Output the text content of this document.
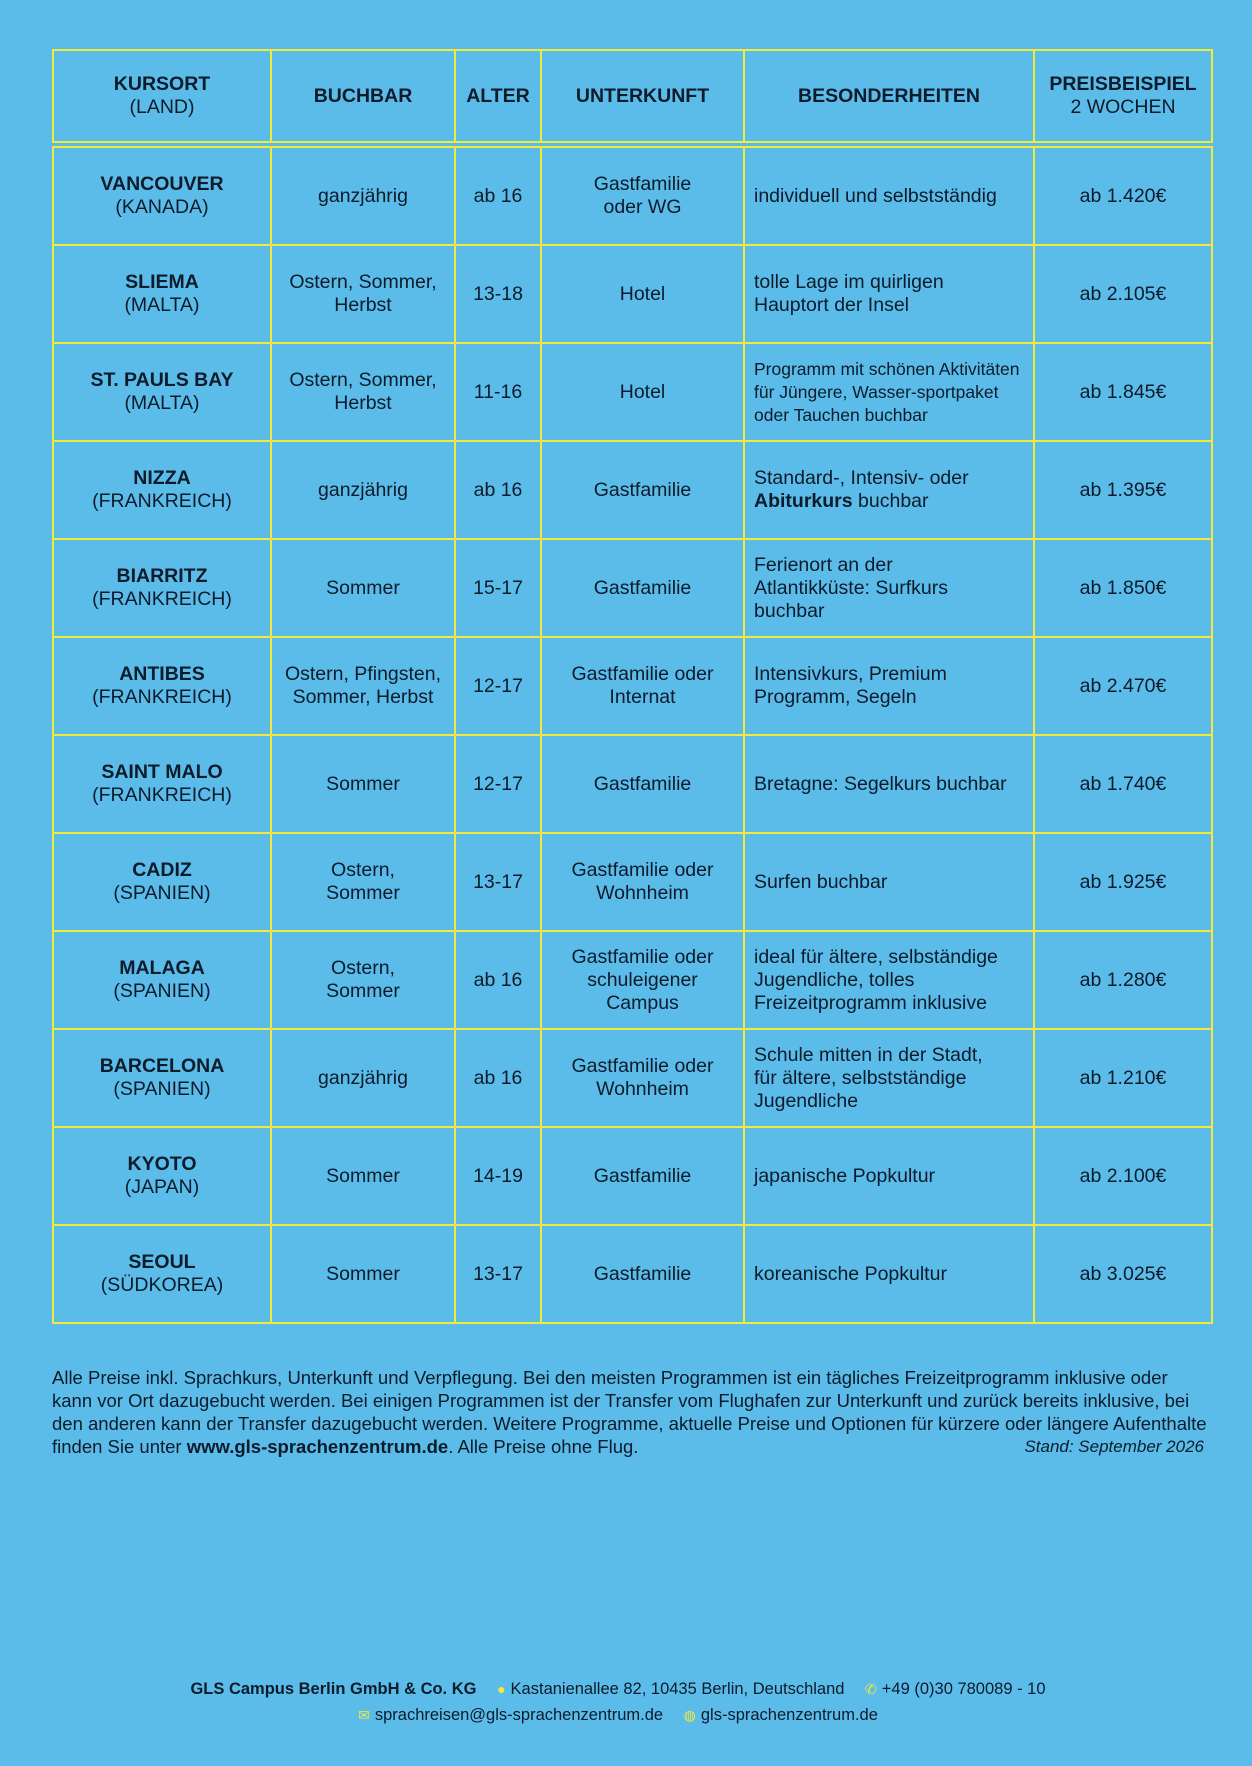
KURSORT
(LAND)	BUCHBAR	ALTER	UNTERKUNFT	BESONDERHEITEN	PREISBEISPIEL
2 WOCHEN

VANCOUVER
(KANADA)	ganzjährig	ab 16	Gastfamilie oder WG	individuell und selbstständig	ab 1.420€

SLIEMA
(MALTA)	Ostern, Sommer, Herbst	13-18	Hotel	tolle Lage im quirligen Hauptort der Insel	ab 2.105€

ST. PAULS BAY
(MALTA)	Ostern, Sommer, Herbst	11-16	Hotel	Programm mit schönen Aktivitäten für Jüngere, Wasser-sportpaket oder Tauchen buchbar	ab 1.845€

NIZZA
(FRANKREICH)	ganzjährig	ab 16	Gastfamilie	Standard-, Intensiv- oder
Abiturkurs buchbar	ab 1.395€

BIARRITZ
(FRANKREICH)	Sommer	15-17	Gastfamilie	Ferienort an der Atlantikküste: Surfkurs buchbar	ab 1.850€

ANTIBES
(FRANKREICH)	Ostern, Pfingsten, Sommer, Herbst	12-17	Gastfamilie oder Internat	Intensivkurs, Premium Programm, Segeln	ab 2.470€

SAINT MALO
(FRANKREICH)	Sommer	12-17	Gastfamilie	Bretagne: Segelkurs buchbar	ab 1.740€

CADIZ
(SPANIEN)	Ostern, Sommer	13-17	Gastfamilie oder Wohnheim	Surfen buchbar	ab 1.925€

MALAGA
(SPANIEN)	Ostern, Sommer	ab 16	Gastfamilie oder schuleigener Campus	ideal für ältere, selbständige Jugendliche, tolles Freizeitprogramm inklusive	ab 1.280€

BARCELONA
(SPANIEN)	ganzjährig	ab 16	Gastfamilie oder Wohnheim	Schule mitten in der Stadt, für ältere, selbstständige Jugendliche	ab 1.210€

KYOTO
(JAPAN)	Sommer	14-19	Gastfamilie	japanische Popkultur	ab 2.100€

SEOUL
(SÜDKOREA)	Sommer	13-17	Gastfamilie	koreanische Popkultur	ab 3.025€
Alle Preise inkl. Sprachkurs, Unterkunft und Verpflegung. Bei den meisten Programmen ist ein tägliches Freizeitprogramm inklusive oder kann vor Ort dazugebucht werden. Bei einigen Programmen ist der Transfer vom Flughafen zur Unterkunft und zurück bereits inklusive, bei den anderen kann der Transfer dazugebucht werden. Weitere Programme, aktuelle Preise und Optionen für kürzere oder längere Aufenthalte finden Sie unter www.gls-sprachenzentrum.de. Alle Preise ohne Flug.	Stand: September 2026
GLS Campus Berlin GmbH & Co. KG ● Kastanienallee 82, 10435 Berlin, Deutschland ✆ +49 (0)30 780089 - 10
✉ sprachreisen@gls-sprachenzentrum.de ◍ gls-sprachenzentrum.de
